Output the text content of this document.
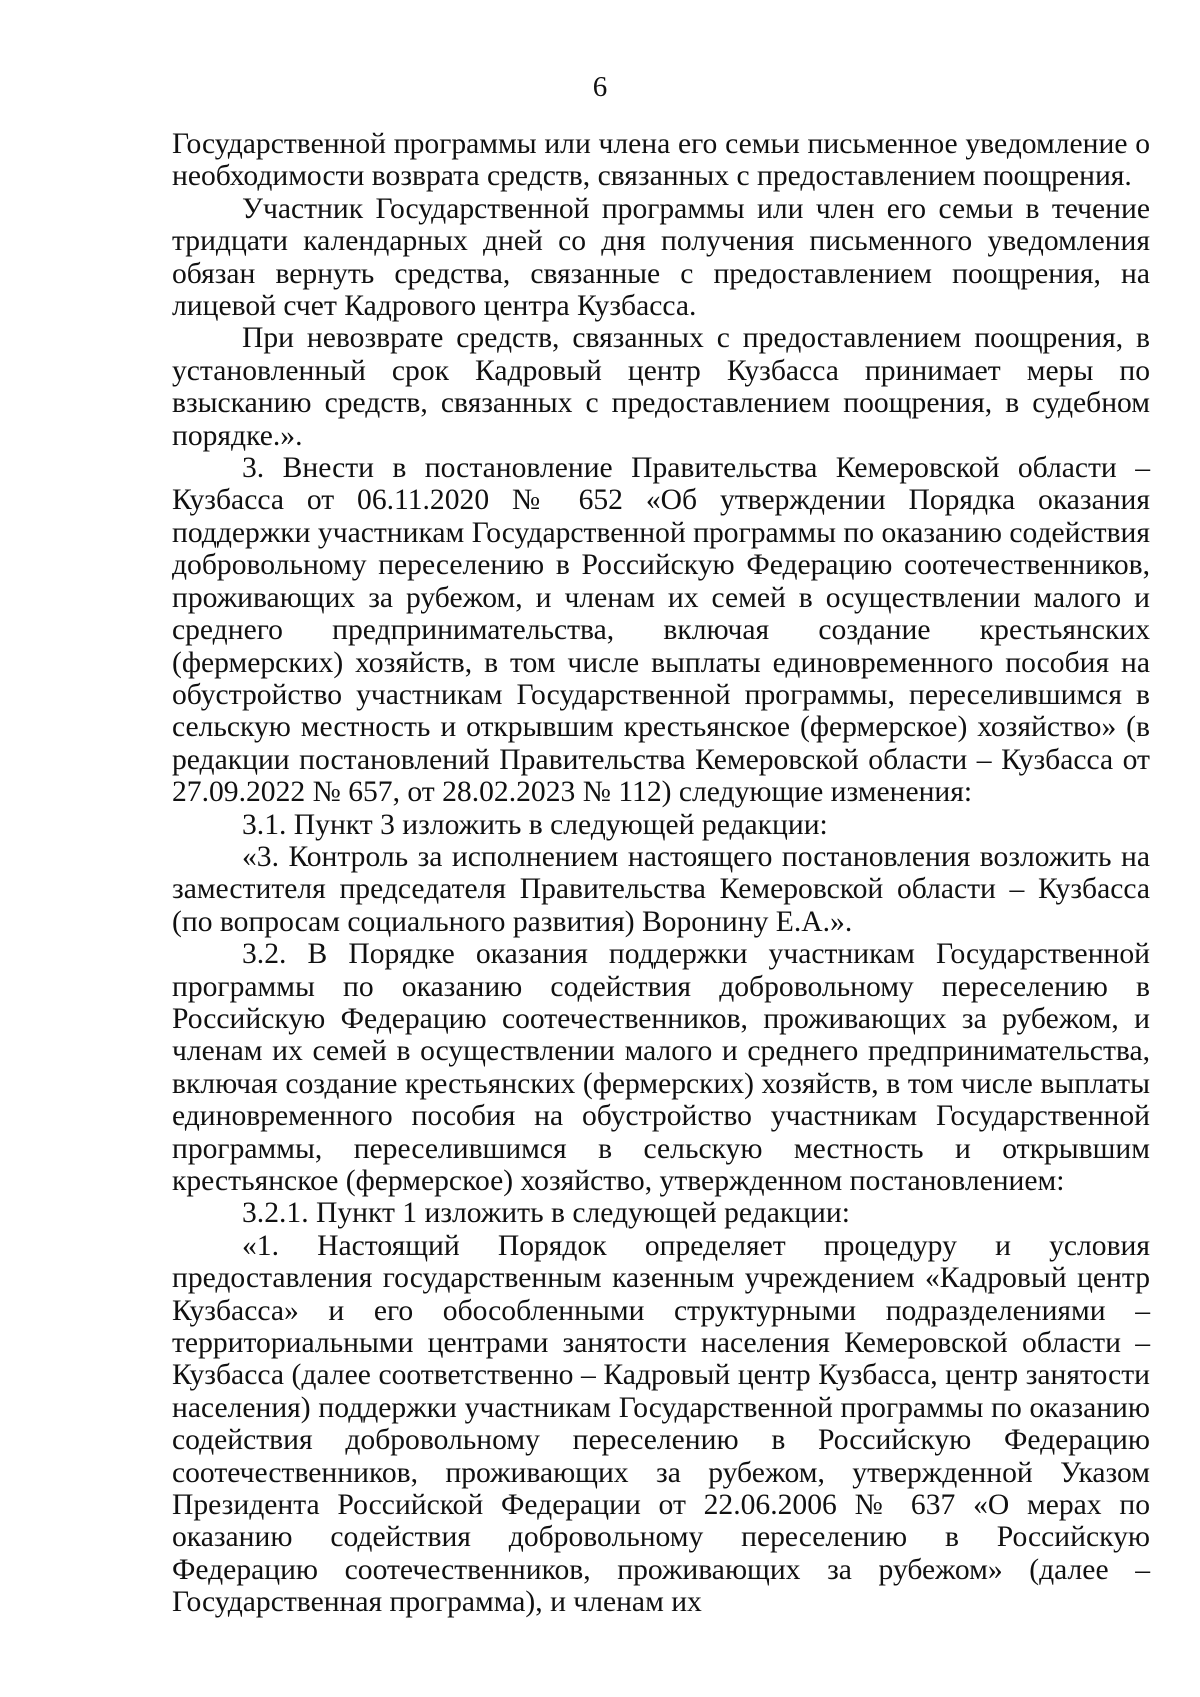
6

Государственной программы или члена его семьи письменное уведомление о необходимости возврата средств, связанных с предоставлением поощрения.

Участник Государственной программы или член его семьи в течение тридцати календарных дней со дня получения письменного уведомления обязан вернуть средства, связанные с предоставлением поощрения, на лицевой счет Кадрового центра Кузбасса.

При невозврате средств, связанных с предоставлением поощрения, в установленный срок Кадровый центр Кузбасса принимает меры по взысканию средств, связанных с предоставлением поощрения, в судебном порядке.».

3. Внести в постановление Правительства Кемеровской области – Кузбасса от 06.11.2020 № 652 «Об утверждении Порядка оказания поддержки участникам Государственной программы по оказанию содействия добровольному переселению в Российскую Федерацию соотечественников, проживающих за рубежом, и членам их семей в осуществлении малого и среднего предпринимательства, включая создание крестьянских (фермерских) хозяйств, в том числе выплаты единовременного пособия на обустройство участникам Государственной программы, переселившимся в сельскую местность и открывшим крестьянское (фермерское) хозяйство» (в редакции постановлений Правительства Кемеровской области – Кузбасса от 27.09.2022 № 657, от 28.02.2023 № 112) следующие изменения:

3.1. Пункт 3 изложить в следующей редакции:

«3. Контроль за исполнением настоящего постановления возложить на заместителя председателя Правительства Кемеровской области – Кузбасса (по вопросам социального развития) Воронину Е.А.».

3.2. В Порядке оказания поддержки участникам Государственной программы по оказанию содействия добровольному переселению в Российскую Федерацию соотечественников, проживающих за рубежом, и членам их семей в осуществлении малого и среднего предпринимательства, включая создание крестьянских (фермерских) хозяйств, в том числе выплаты единовременного пособия на обустройство участникам Государственной программы, переселившимся в сельскую местность и открывшим крестьянское (фермерское) хозяйство, утвержденном постановлением:

3.2.1. Пункт 1 изложить в следующей редакции:

«1. Настоящий Порядок определяет процедуру и условия предоставления государственным казенным учреждением «Кадровый центр Кузбасса» и его обособленными структурными подразделениями – территориальными центрами занятости населения Кемеровской области – Кузбасса (далее соответственно – Кадровый центр Кузбасса, центр занятости населения) поддержки участникам Государственной программы по оказанию содействия добровольному переселению в Российскую Федерацию соотечественников, проживающих за рубежом, утвержденной Указом Президента Российской Федерации от 22.06.2006 № 637 «О мерах по оказанию содействия добровольному переселению в Российскую Федерацию соотечественников, проживающих за рубежом» (далее – Государственная программа), и членам их
